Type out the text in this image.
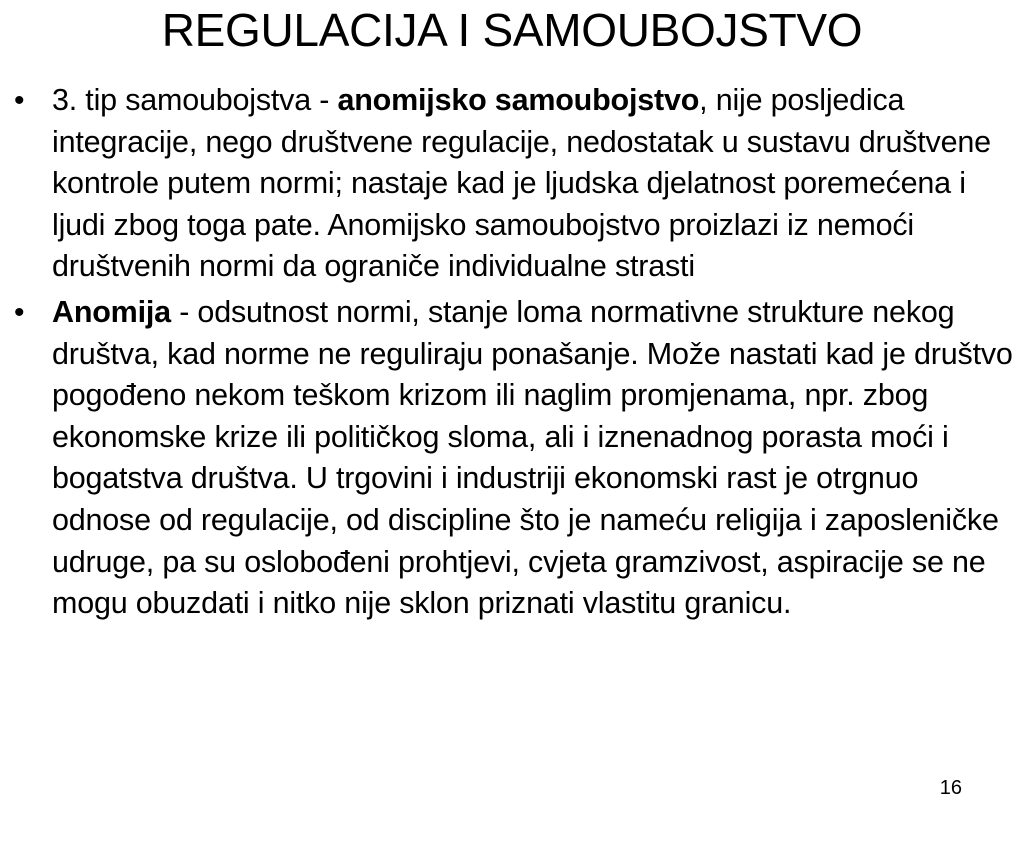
REGULACIJA I SAMOUBOJSTVO
• 3. tip samoubojstva - anomijsko samoubojstvo, nije posljedica integracije, nego društvene regulacije, nedostatak u sustavu društvene kontrole putem normi; nastaje kad je ljudska djelatnost poremećena i ljudi zbog toga pate. Anomijsko samoubojstvo proizlazi iz nemoći društvenih normi da ograniče individualne strasti
• Anomija - odsutnost normi, stanje loma normativne strukture nekog društva, kad norme ne reguliraju ponašanje. Može nastati kad je društvo pogođeno nekom teškom krizom ili naglim promjenama, npr. zbog ekonomske krize ili političkog sloma, ali i iznenadnog porasta moći i bogatstva društva. U trgovini i industriji ekonomski rast je otrgnuo odnose od regulacije, od discipline što je nameću religija i zaposleničke udruge, pa su oslobođeni prohtjevi, cvjeta gramzivost, aspiracije se ne mogu obuzdati i nitko nije sklon priznati vlastitu granicu.
16
